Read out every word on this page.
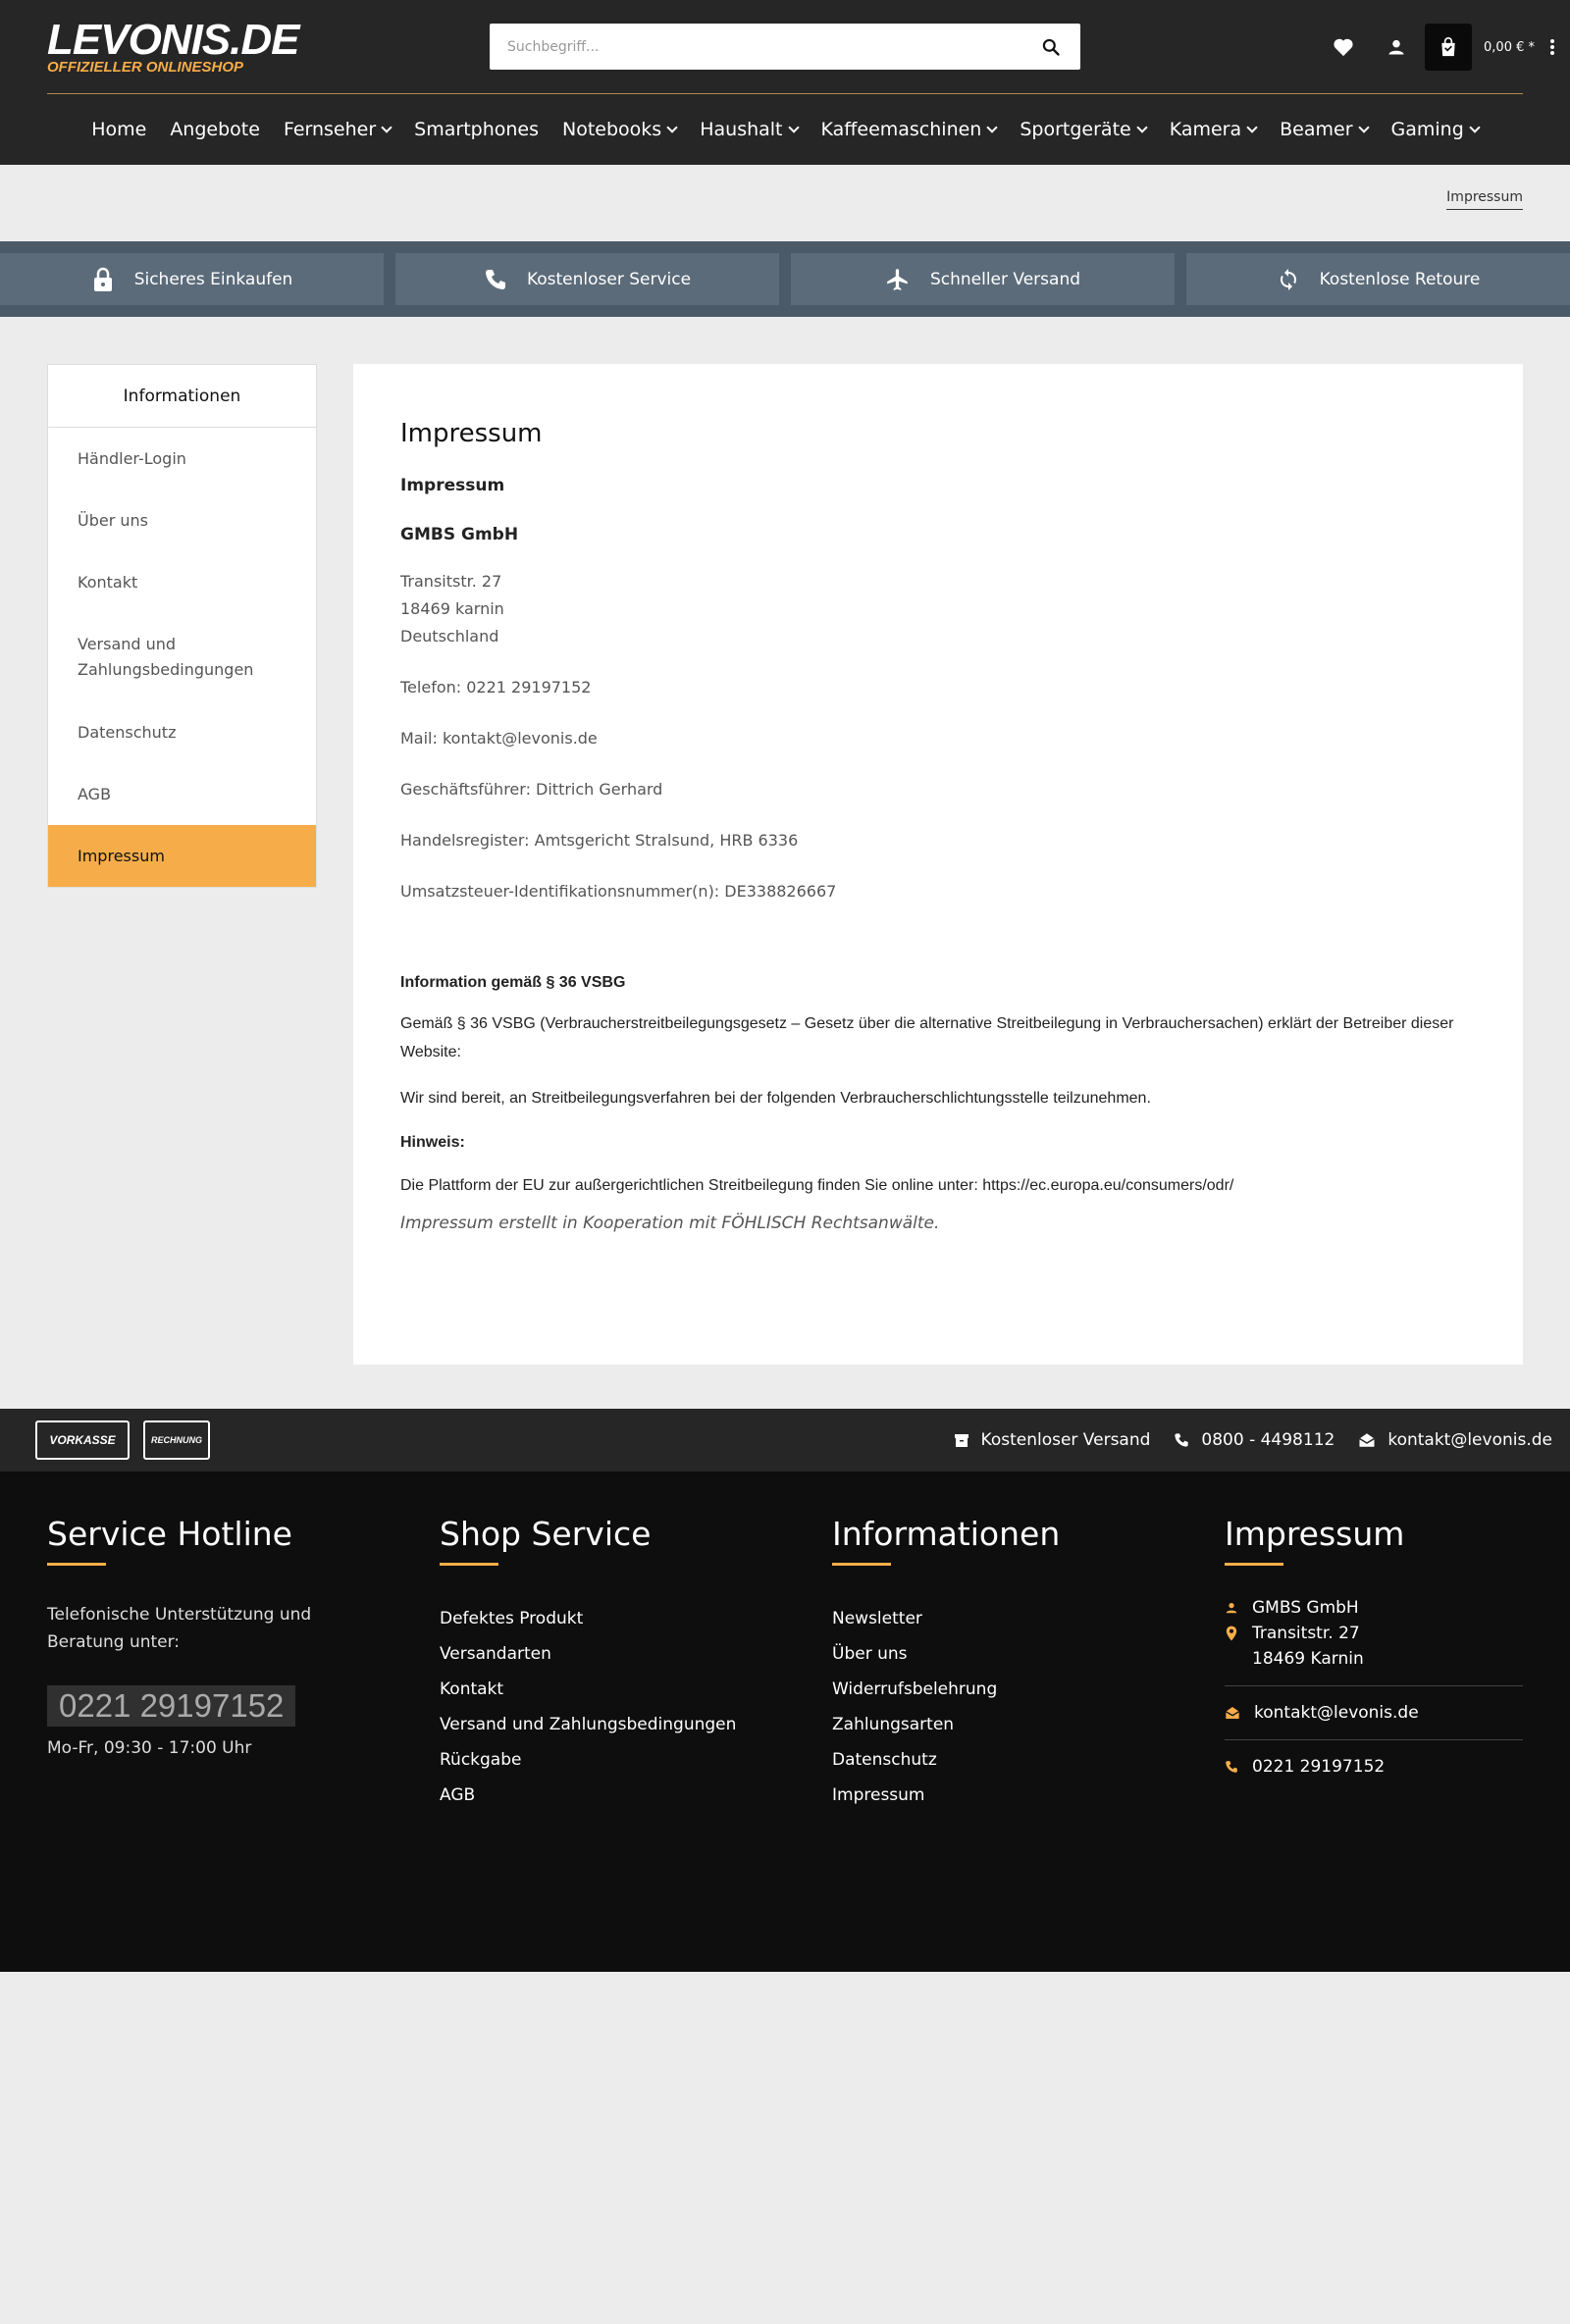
LEVONIS.DE
OFFIZIELLER ONLINESHOP
Suchbegriff...
0,00 € *
Home Angebote Fernseher Smartphones Notebooks Haushalt Kaffeemaschinen Sportgeräte Kamera Beamer Gaming
Impressum
Sicheres Einkaufen	Kostenloser Service	Schneller Versand	Kostenlose Retoure
Informationen
Händler-Login
Über uns
Kontakt
Versand und Zahlungsbedingungen
Datenschutz
AGB
Impressum
Impressum
Impressum
GMBS GmbH
Transitstr. 27
18469 karnin
Deutschland
Telefon: 0221 29197152
Mail: kontakt@levonis.de
Geschäftsführer: Dittrich Gerhard
Handelsregister: Amtsgericht Stralsund, HRB 6336
Umsatzsteuer-Identifikationsnummer(n): DE338826667
Information gemäß § 36 VSBG
Gemäß § 36 VSBG (Verbraucherstreitbeilegungsgesetz – Gesetz über die alternative Streitbeilegung in Verbrauchersachen) erklärt der Betreiber dieser Website:
Wir sind bereit, an Streitbeilegungsverfahren bei der folgenden Verbraucherschlichtungsstelle teilzunehmen.
Hinweis:
Die Plattform der EU zur außergerichtlichen Streitbeilegung finden Sie online unter: https://ec.europa.eu/consumers/odr/
Impressum erstellt in Kooperation mit FÖHLISCH Rechtsanwälte.
VORKASSE	RECHNUNG	Kostenloser Versand	0800 - 4498112	kontakt@levonis.de
Service Hotline
Telefonische Unterstützung und Beratung unter:
0221 29197152
Mo-Fr, 09:30 - 17:00 Uhr
Shop Service
Defektes Produkt
Versandarten
Kontakt
Versand und Zahlungsbedingungen
Rückgabe
AGB
Informationen
Newsletter
Über uns
Widerrufsbelehrung
Zahlungsarten
Datenschutz
Impressum
Impressum
GMBS GmbH
Transitstr. 27
18469 Karnin
kontakt@levonis.de
0221 29197152
